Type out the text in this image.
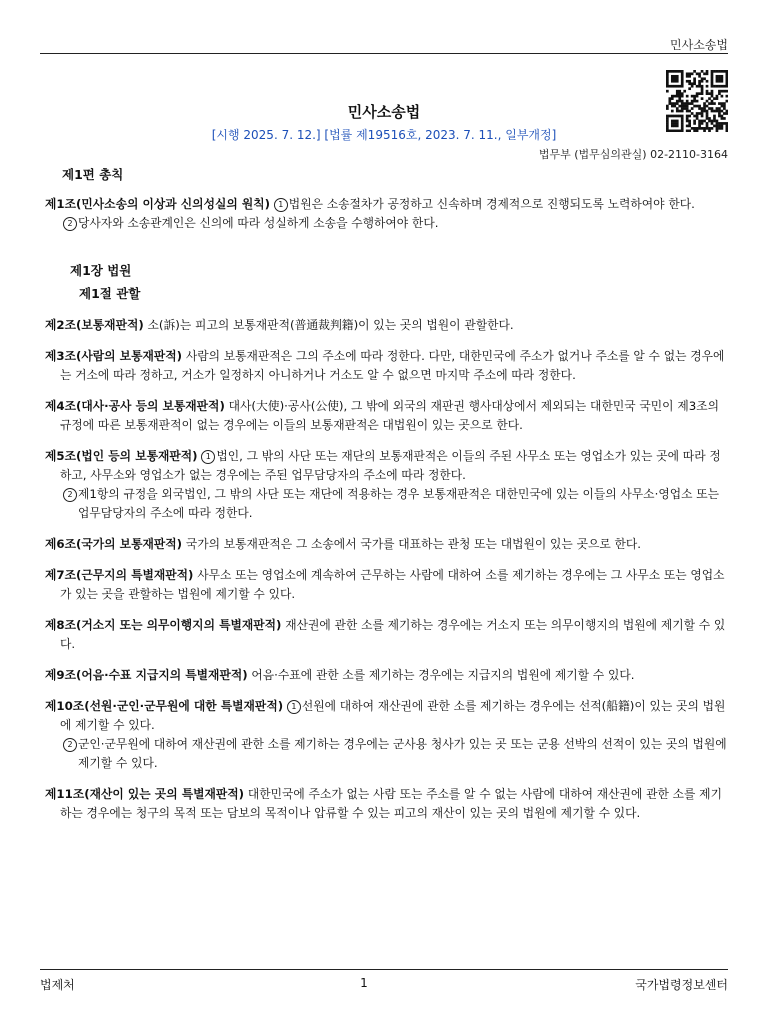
민사소송법
민사소송법
[시행 2025. 7. 12.] [법률 제19516호, 2023. 7. 11., 일부개정]
법무부 (법무심의관실) 02-2110-3164
제1편 총칙

제1조(민사소송의 이상과 신의성실의 원칙) 1 법원은 소송절차가 공정하고 신속하며 경제적으로 진행되도록 노력하여야 한다.

2 당사자와 소송관계인은 신의에 따라 성실하게 소송을 수행하여야 한다.

제1장 법원
제1절 관할

제2조(보통재판적) 소(訴)는 피고의 보통재판적(普通裁判籍)이 있는 곳의 법원이 관할한다.

제3조(사람의 보통재판적) 사람의 보통재판적은 그의 주소에 따라 정한다. 다만, 대한민국에 주소가 없거나 주소를 알 수 없는 경우에는 거소에 따라 정하고, 거소가 일정하지 아니하거나 거소도 알 수 없으면 마지막 주소에 따라 정한다.

제4조(대사·공사 등의 보통재판적) 대사(大使)·공사(公使), 그 밖에 외국의 재판권 행사대상에서 제외되는 대한민국 국민이 제3조의 규정에 따른 보통재판적이 없는 경우에는 이들의 보통재판적은 대법원이 있는 곳으로 한다.

제5조(법인 등의 보통재판적) 1 법인, 그 밖의 사단 또는 재단의 보통재판적은 이들의 주된 사무소 또는 영업소가 있는 곳에 따라 정하고, 사무소와 영업소가 없는 경우에는 주된 업무담당자의 주소에 따라 정한다.

2 제1항의 규정을 외국법인, 그 밖의 사단 또는 재단에 적용하는 경우 보통재판적은 대한민국에 있는 이들의 사무소·영업소 또는 업무담당자의 주소에 따라 정한다.

제6조(국가의 보통재판적) 국가의 보통재판적은 그 소송에서 국가를 대표하는 관청 또는 대법원이 있는 곳으로 한다.

제7조(근무지의 특별재판적) 사무소 또는 영업소에 계속하여 근무하는 사람에 대하여 소를 제기하는 경우에는 그 사무소 또는 영업소가 있는 곳을 관할하는 법원에 제기할 수 있다.

제8조(거소지 또는 의무이행지의 특별재판적) 재산권에 관한 소를 제기하는 경우에는 거소지 또는 의무이행지의 법원에 제기할 수 있다.

제9조(어음·수표 지급지의 특별재판적) 어음·수표에 관한 소를 제기하는 경우에는 지급지의 법원에 제기할 수 있다.

제10조(선원·군인·군무원에 대한 특별재판적) 1 선원에 대하여 재산권에 관한 소를 제기하는 경우에는 선적(船籍)이 있는 곳의 법원에 제기할 수 있다.

2 군인·군무원에 대하여 재산권에 관한 소를 제기하는 경우에는 군사용 청사가 있는 곳 또는 군용 선박의 선적이 있는 곳의 법원에 제기할 수 있다.

제11조(재산이 있는 곳의 특별재판적) 대한민국에 주소가 없는 사람 또는 주소를 알 수 없는 사람에 대하여 재산권에 관한 소를 제기하는 경우에는 청구의 목적 또는 담보의 목적이나 압류할 수 있는 피고의 재산이 있는 곳의 법원에 제기할 수 있다.

법제처	1	국가법령정보센터
